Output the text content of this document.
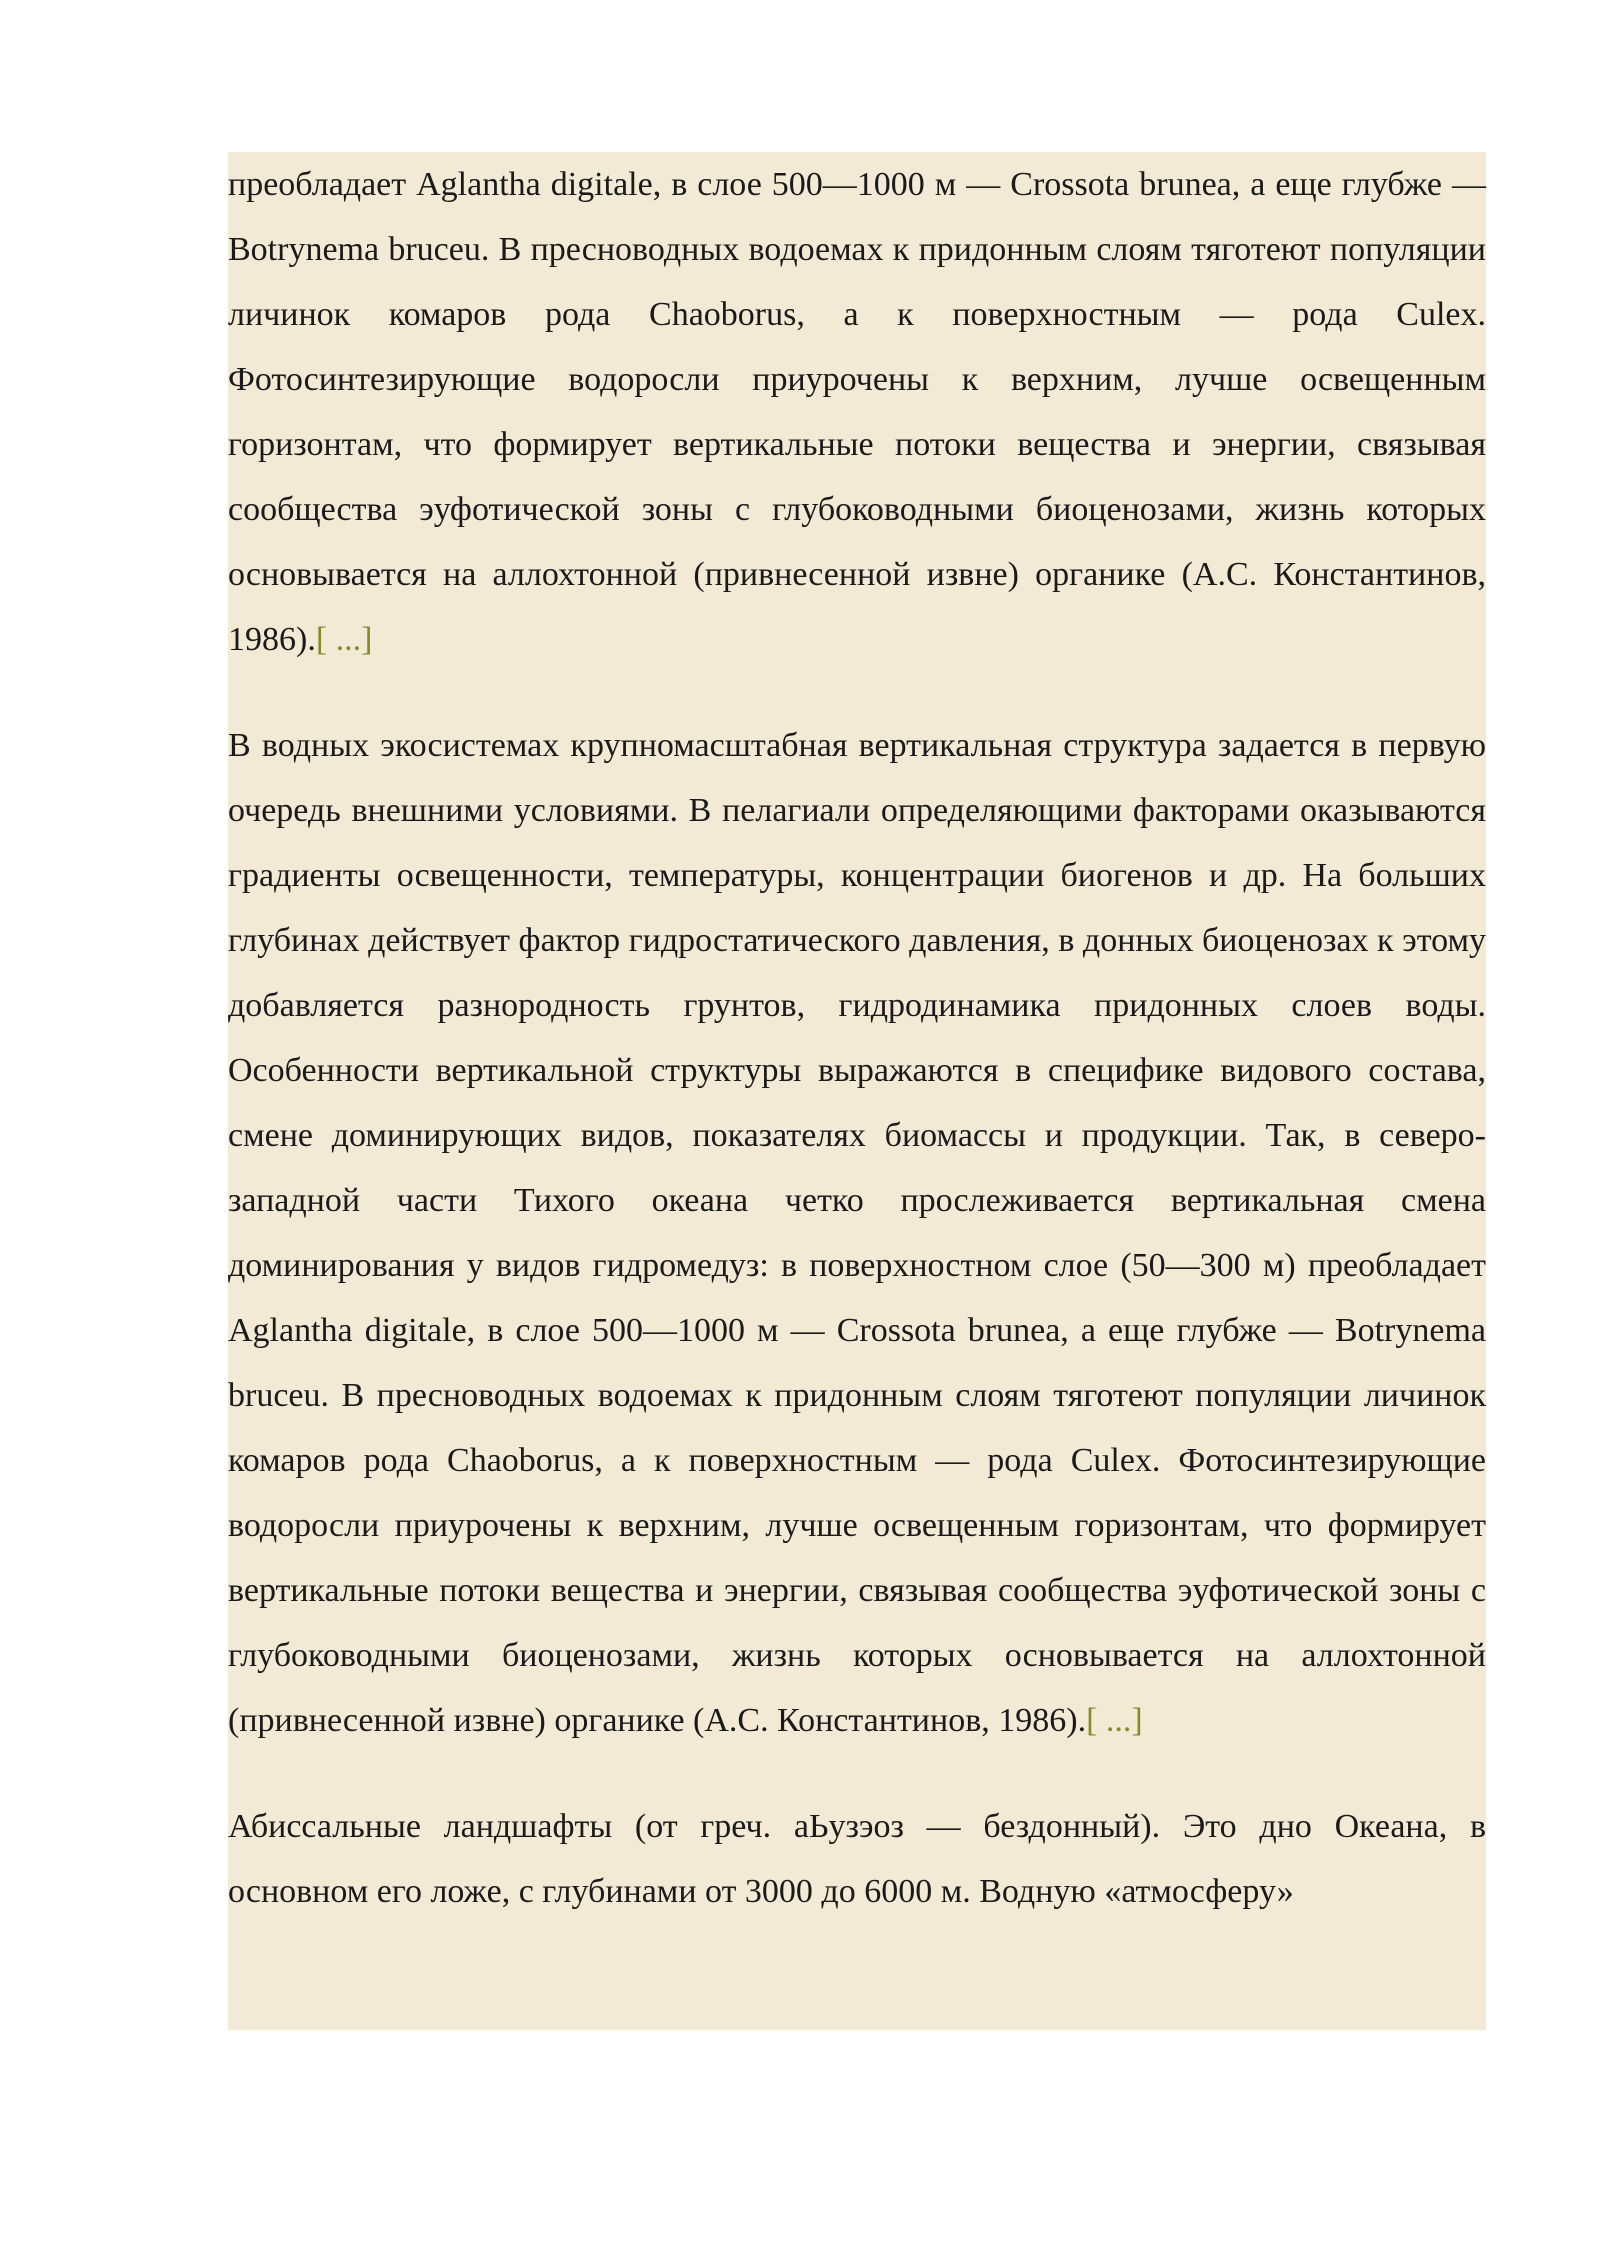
преобладает Aglantha digitale, в слое 500—1000 м — Crossota brunea, а еще глубже — Botrynema bruceu. В пресноводных водоемах к придонным слоям тяготеют популяции личинок комаров рода Chaoborus, а к поверхностным — рода Culex. Фотосинтезирующие водоросли приурочены к верхним, лучше освещенным горизонтам, что формирует вертикальные потоки вещества и энергии, связывая сообщества эуфотической зоны с глубоководными биоценозами, жизнь которых основывается на аллохтонной (привнесенной извне) органике (А.С. Константинов, 1986).[ ...]

В водных экосистемах крупномасштабная вертикальная структура задается в первую очередь внешними условиями. В пелагиали определяющими факторами оказываются градиенты освещенности, температуры, концентрации биогенов и др. На больших глубинах действует фактор гидростатического давления, в донных биоценозах к этому добавляется разнородность грунтов, гидродинамика придонных слоев воды. Особенности вертикальной структуры выражаются в специфике видового состава, смене доминирующих видов, показателях биомассы и продукции. Так, в северо-западной части Тихого океана четко прослеживается вертикальная смена доминирования у видов гидромедуз: в поверхностном слое (50—300 м) преобладает Aglantha digitale, в слое 500—1000 м — Crossota brunea, а еще глубже — Botrynema bruceu. В пресноводных водоемах к придонным слоям тяготеют популяции личинок комаров рода Chaoborus, а к поверхностным — рода Culex. Фотосинтезирующие водоросли приурочены к верхним, лучше освещенным горизонтам, что формирует вертикальные потоки вещества и энергии, связывая сообщества эуфотической зоны с глубоководными биоценозами, жизнь которых основывается на аллохтонной (привнесенной извне) органике (А.С. Константинов, 1986).[ ...]

Абиссальные ландшафты (от греч. aЬузэоз — бездонный). Это дно Океана, в основном его ложе, с глубинами от 3000 до 6000 м. Водную «атмосферу»
